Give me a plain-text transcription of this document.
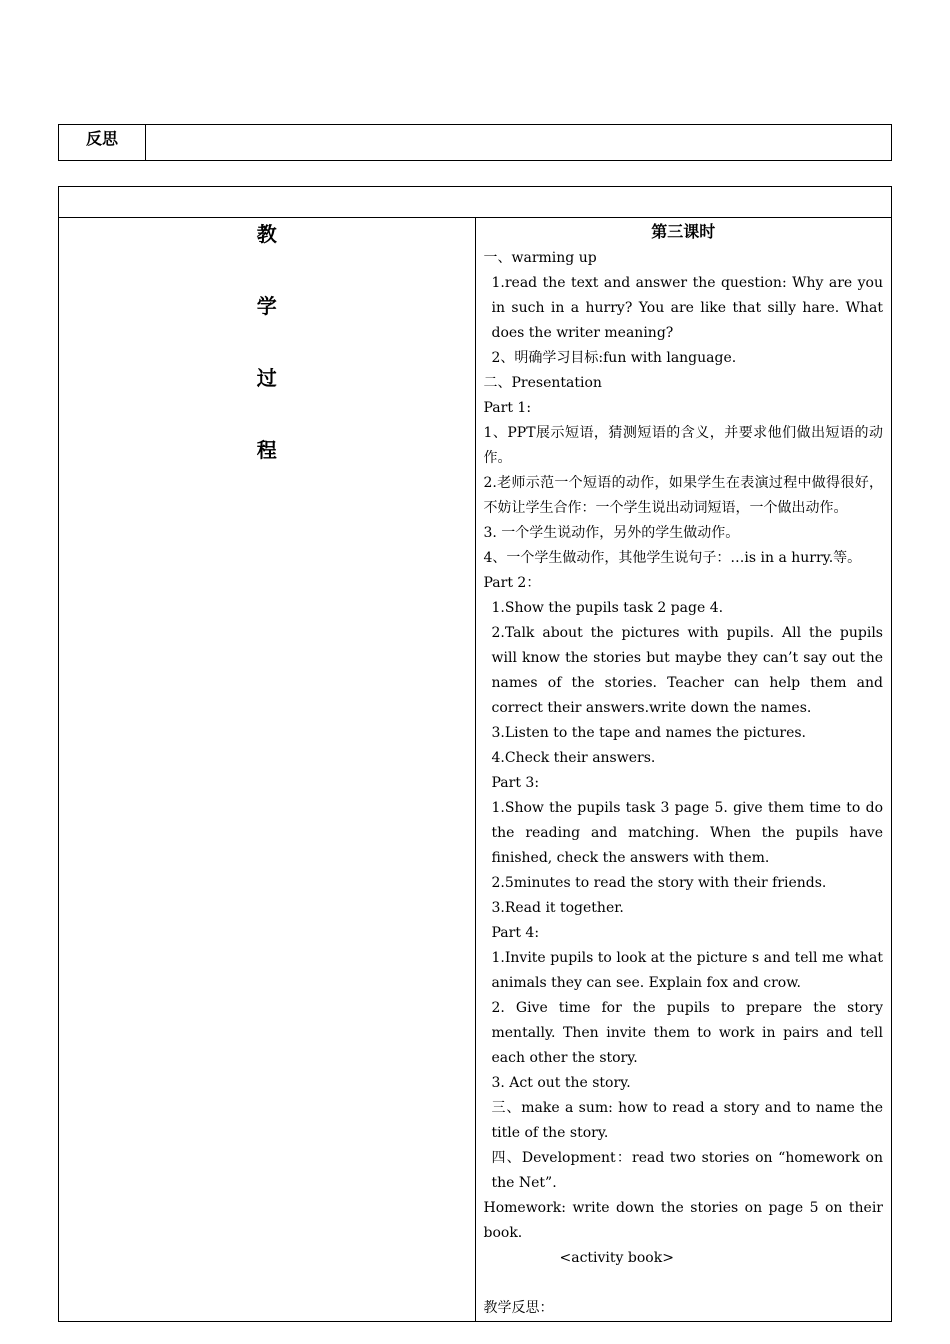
反思	

教
学
过
程

第三课时

一、warming up

1.read the text and answer the question: Why are you in such in a hurry? You are like that silly hare. What does the writer meaning?

2、明确学习目标:fun with language.

二、Presentation

Part 1:

1、PPT展示短语，猜测短语的含义，并要求他们做出短语的动作。

2.老师示范一个短语的动作，如果学生在表演过程中做得很好，不妨让学生合作：一个学生说出动词短语，一个做出动作。

3. 一个学生说动作，另外的学生做动作。

4、一个学生做动作，其他学生说句子：…is in a hurry.等。

Part 2：

1.Show the pupils task 2 page 4.

2.Talk about the pictures with pupils. All the pupils will know the stories but maybe they can’t say out the names of the stories. Teacher can help them and correct their answers.write down the names.

3.Listen to the tape and names the pictures.

4.Check their answers.

Part 3:

1.Show the pupils task 3 page 5. give them time to do the reading and matching. When the pupils have finished, check the answers with them.

2.5minutes to read the story with their friends.

3.Read it together.

Part 4:

1.Invite pupils to look at the picture s and tell me what animals they can see. Explain fox and crow.

2. Give time for the pupils to prepare the story mentally. Then invite them to work in pairs and tell each other the story.

3. Act out the story.

三、make a sum: how to read a story and to name the title of the story.

四、Development：read two stories on “homework on the Net”.

Homework: write down the stories on page 5 on their book.

<activity book>

教学反思：
